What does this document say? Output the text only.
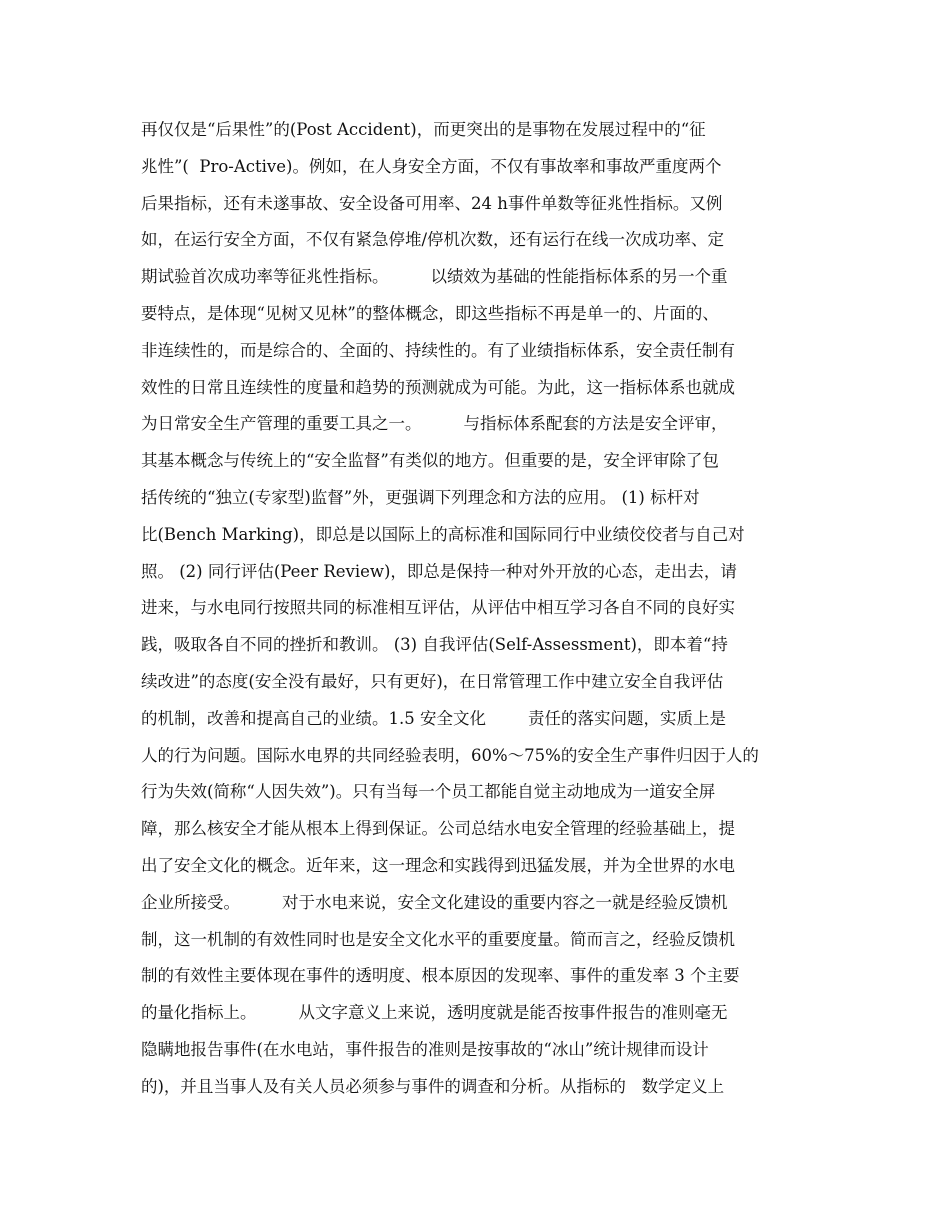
再仅仅是“后果性”的(Post Accident)，而更突出的是事物在发展过程中的“征
兆性”(  Pro-Active)。例如，在人身安全方面，不仅有事故率和事故严重度两个
后果指标，还有未遂事故、安全设备可用率、24 h事件单数等征兆性指标。又例
如，在运行安全方面，不仅有紧急停堆/停机次数，还有运行在线一次成功率、定
期试验首次成功率等征兆性指标。        以绩效为基础的性能指标体系的另一个重
要特点，是体现“见树又见林”的整体概念，即这些指标不再是单一的、片面的、
非连续性的，而是综合的、全面的、持续性的。有了业绩指标体系，安全责任制有
效性的日常且连续性的度量和趋势的预测就成为可能。为此，这一指标体系也就成
为日常安全生产管理的重要工具之一。        与指标体系配套的方法是安全评审，
其基本概念与传统上的“安全监督”有类似的地方。但重要的是，安全评审除了包
括传统的“独立(专家型)监督”外，更强调下列理念和方法的应用。 (1) 标杆对
比(Bench Marking)，即总是以国际上的高标准和国际同行中业绩佼佼者与自己对
照。 (2) 同行评估(Peer Review)，即总是保持一种对外开放的心态，走出去，请
进来，与水电同行按照共同的标准相互评估，从评估中相互学习各自不同的良好实
践，吸取各自不同的挫折和教训。 (3) 自我评估(Self-Assessment)，即本着“持
续改进”的态度(安全没有最好，只有更好)，在日常管理工作中建立安全自我评估
的机制，改善和提高自己的业绩。1.5 安全文化        责任的落实问题，实质上是
人的行为问题。国际水电界的共同经验表明，60%～75%的安全生产事件归因于人的
行为失效(简称“人因失效”)。只有当每一个员工都能自觉主动地成为一道安全屏
障，那么核安全才能从根本上得到保证。公司总结水电安全管理的经验基础上，提
出了安全文化的概念。近年来，这一理念和实践得到迅猛发展，并为全世界的水电
企业所接受。        对于水电来说，安全文化建设的重要内容之一就是经验反馈机
制，这一机制的有效性同时也是安全文化水平的重要度量。简而言之，经验反馈机
制的有效性主要体现在事件的透明度、根本原因的发现率、事件的重发率 3 个主要
的量化指标上。        从文字意义上来说，透明度就是能否按事件报告的准则毫无
隐瞒地报告事件(在水电站，事件报告的准则是按事故的“冰山”统计规律而设计
的)，并且当事人及有关人员必须参与事件的调查和分析。从指标的   数学定义上
